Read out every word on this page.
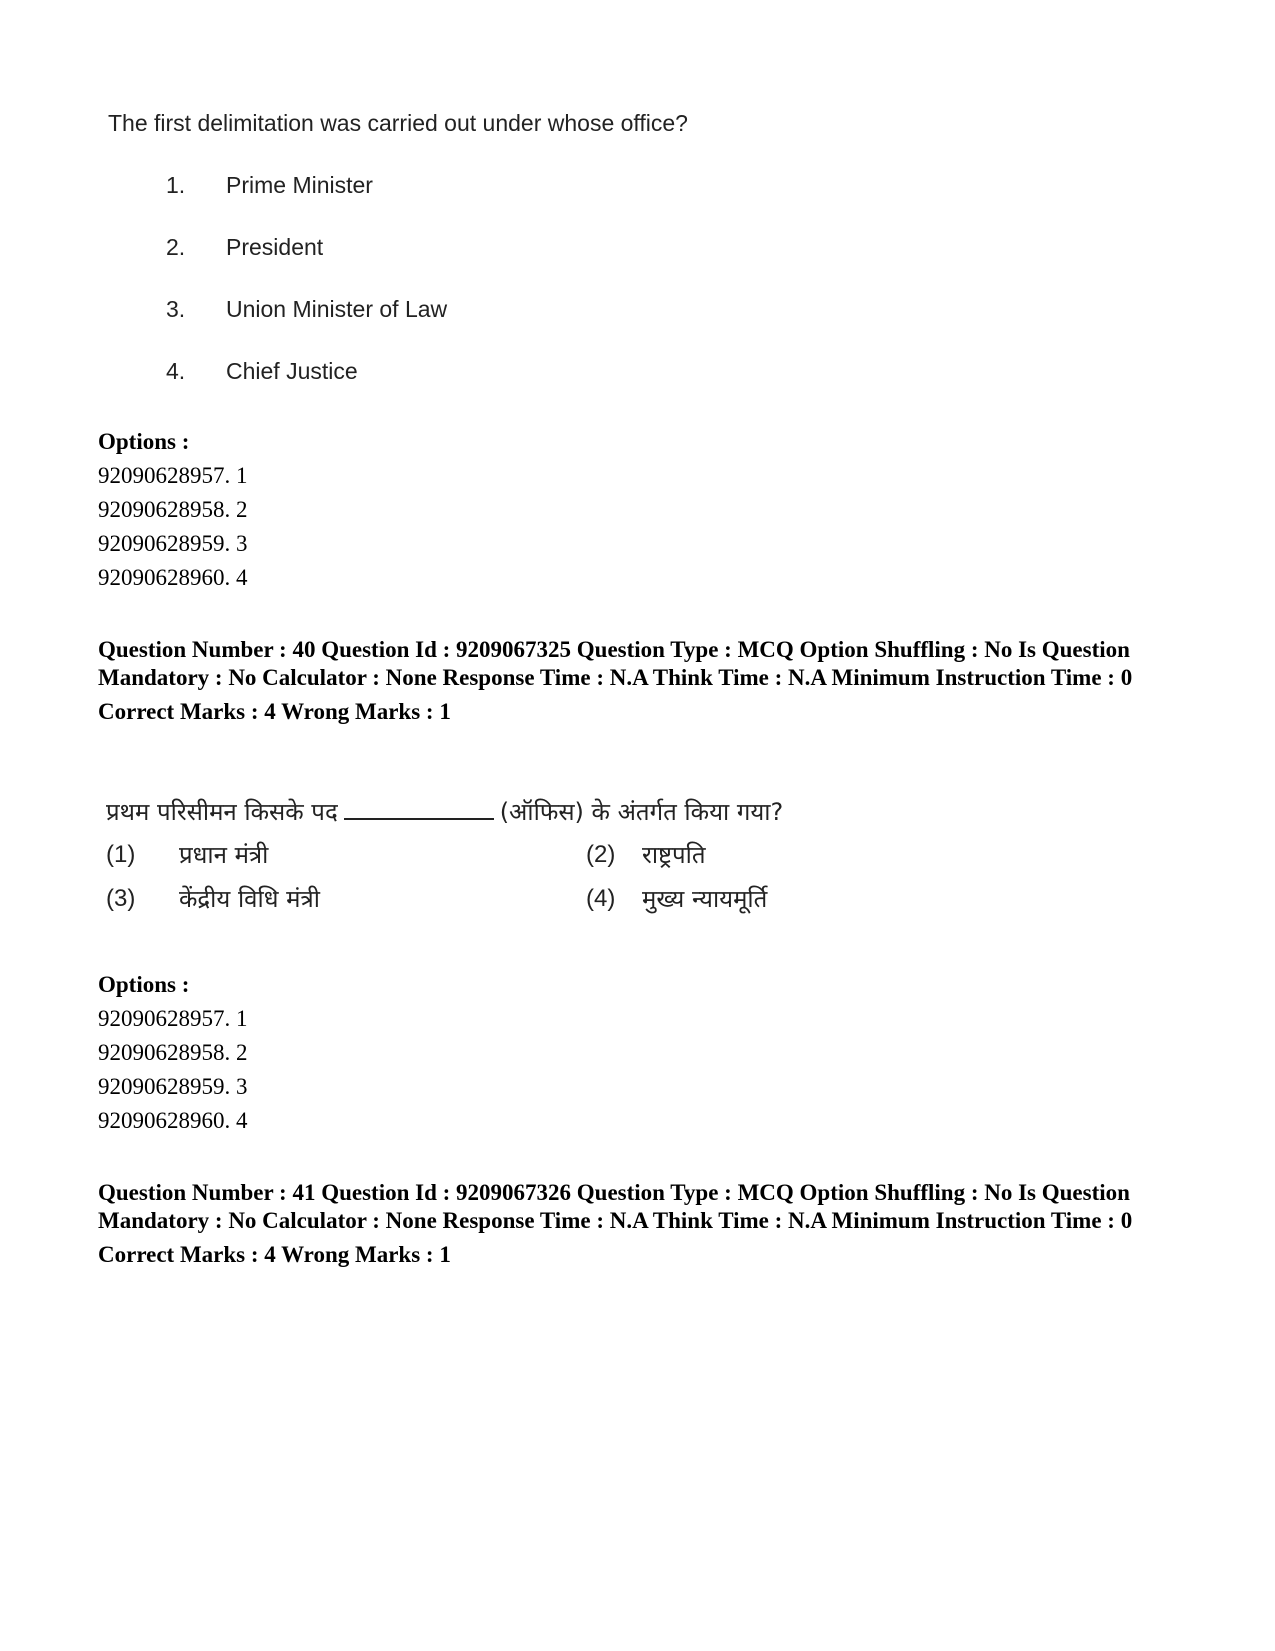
The first delimitation was carried out under whose office?
1.	Prime Minister
2.	President
3.	Union Minister of Law
4.	Chief Justice
Options :
92090628957. 1
92090628958. 2
92090628959. 3
92090628960. 4
Question Number : 40 Question Id : 9209067325 Question Type : MCQ Option Shuffling : No Is Question Mandatory : No Calculator : None Response Time : N.A Think Time : N.A Minimum Instruction Time : 0
Correct Marks : 4 Wrong Marks : 1
प्रथम परिसीमन किसके पद	(ऑफिस) के अंतर्गत किया गया?
(1)	प्रधान मंत्री	(2)	राष्ट्रपति
(3)	केंद्रीय विधि मंत्री	(4)	मुख्य न्यायमूर्ति
Options :
92090628957. 1
92090628958. 2
92090628959. 3
92090628960. 4
Question Number : 41 Question Id : 9209067326 Question Type : MCQ Option Shuffling : No Is Question Mandatory : No Calculator : None Response Time : N.A Think Time : N.A Minimum Instruction Time : 0
Correct Marks : 4 Wrong Marks : 1
